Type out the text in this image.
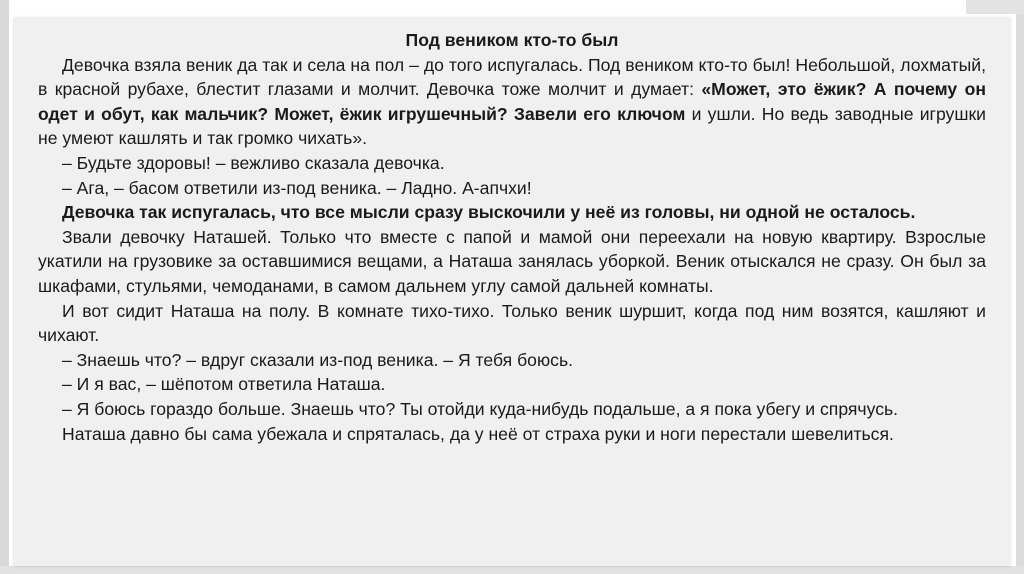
Под веником кто-то был

Девочка взяла веник да так и села на пол – до того испугалась. Под веником кто-то был! Небольшой, лохматый, в красной рубахе, блестит глазами и молчит. Девочка тоже молчит и думает: «Может, это ёжик? А почему он одет и обут, как мальчик? Может, ёжик игрушечный? Завели его ключом и ушли. Но ведь заводные игрушки не умеют кашлять и так громко чихать».

– Будьте здоровы! – вежливо сказала девочка.

– Ага, – басом ответили из-под веника. – Ладно. А-апчхи!

Девочка так испугалась, что все мысли сразу выскочили у неё из головы, ни одной не осталось.

Звали девочку Наташей. Только что вместе с папой и мамой они переехали на новую квартиру. Взрослые укатили на грузовике за оставшимися вещами, а Наташа занялась уборкой. Веник отыскался не сразу. Он был за шкафами, стульями, чемоданами, в самом дальнем углу самой дальней комнаты.

И вот сидит Наташа на полу. В комнате тихо-тихо. Только веник шуршит, когда под ним возятся, кашляют и чихают.

– Знаешь что? – вдруг сказали из-под веника. – Я тебя боюсь.

– И я вас, – шёпотом ответила Наташа.

– Я боюсь гораздо больше. Знаешь что? Ты отойди куда-нибудь подальше, а я пока убегу и спрячусь.

Наташа давно бы сама убежала и спряталась, да у неё от страха руки и ноги перестали шевелиться.
